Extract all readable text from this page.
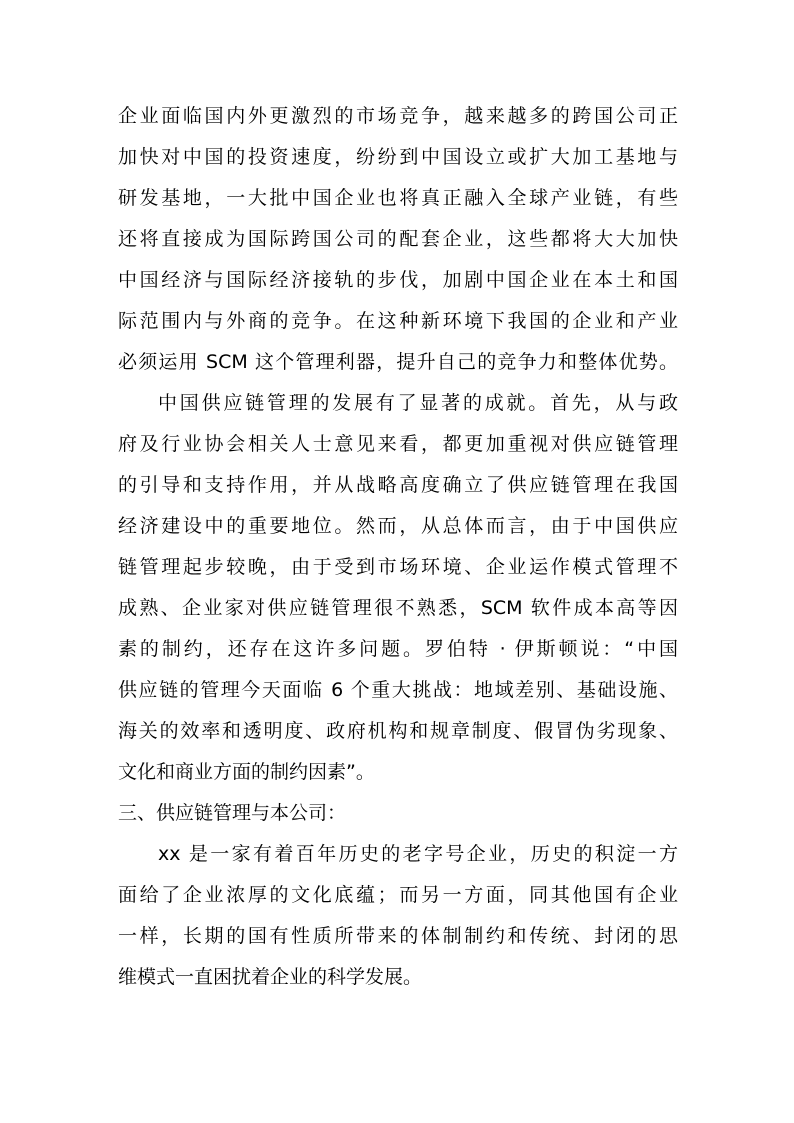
企业面临国内外更激烈的市场竞争，越来越多的跨国公司正
加快对中国的投资速度，纷纷到中国设立或扩大加工基地与
研发基地，一大批中国企业也将真正融入全球产业链，有些
还将直接成为国际跨国公司的配套企业，这些都将大大加快
中国经济与国际经济接轨的步伐，加剧中国企业在本土和国
际范围内与外商的竞争。在这种新环境下我国的企业和产业
必须运用 SCM 这个管理利器，提升自己的竞争力和整体优势。
中国供应链管理的发展有了显著的成就。首先，从与政
府及行业协会相关人士意见来看，都更加重视对供应链管理
的引导和支持作用，并从战略高度确立了供应链管理在我国
经济建设中的重要地位。然而，从总体而言，由于中国供应
链管理起步较晚，由于受到市场环境、企业运作模式管理不
成熟、企业家对供应链管理很不熟悉，SCM 软件成本高等因
素的制约，还存在这许多问题。罗伯特 · 伊斯顿说：“中国
供应链的管理今天面临 6 个重大挑战：地域差别、基础设施、
海关的效率和透明度、政府机构和规章制度、假冒伪劣现象、
文化和商业方面的制约因素”。
三、供应链管理与本公司：
xx 是一家有着百年历史的老字号企业，历史的积淀一方
面给了企业浓厚的文化底蕴；而另一方面，同其他国有企业
一样，长期的国有性质所带来的体制制约和传统、封闭的思
维模式一直困扰着企业的科学发展。
